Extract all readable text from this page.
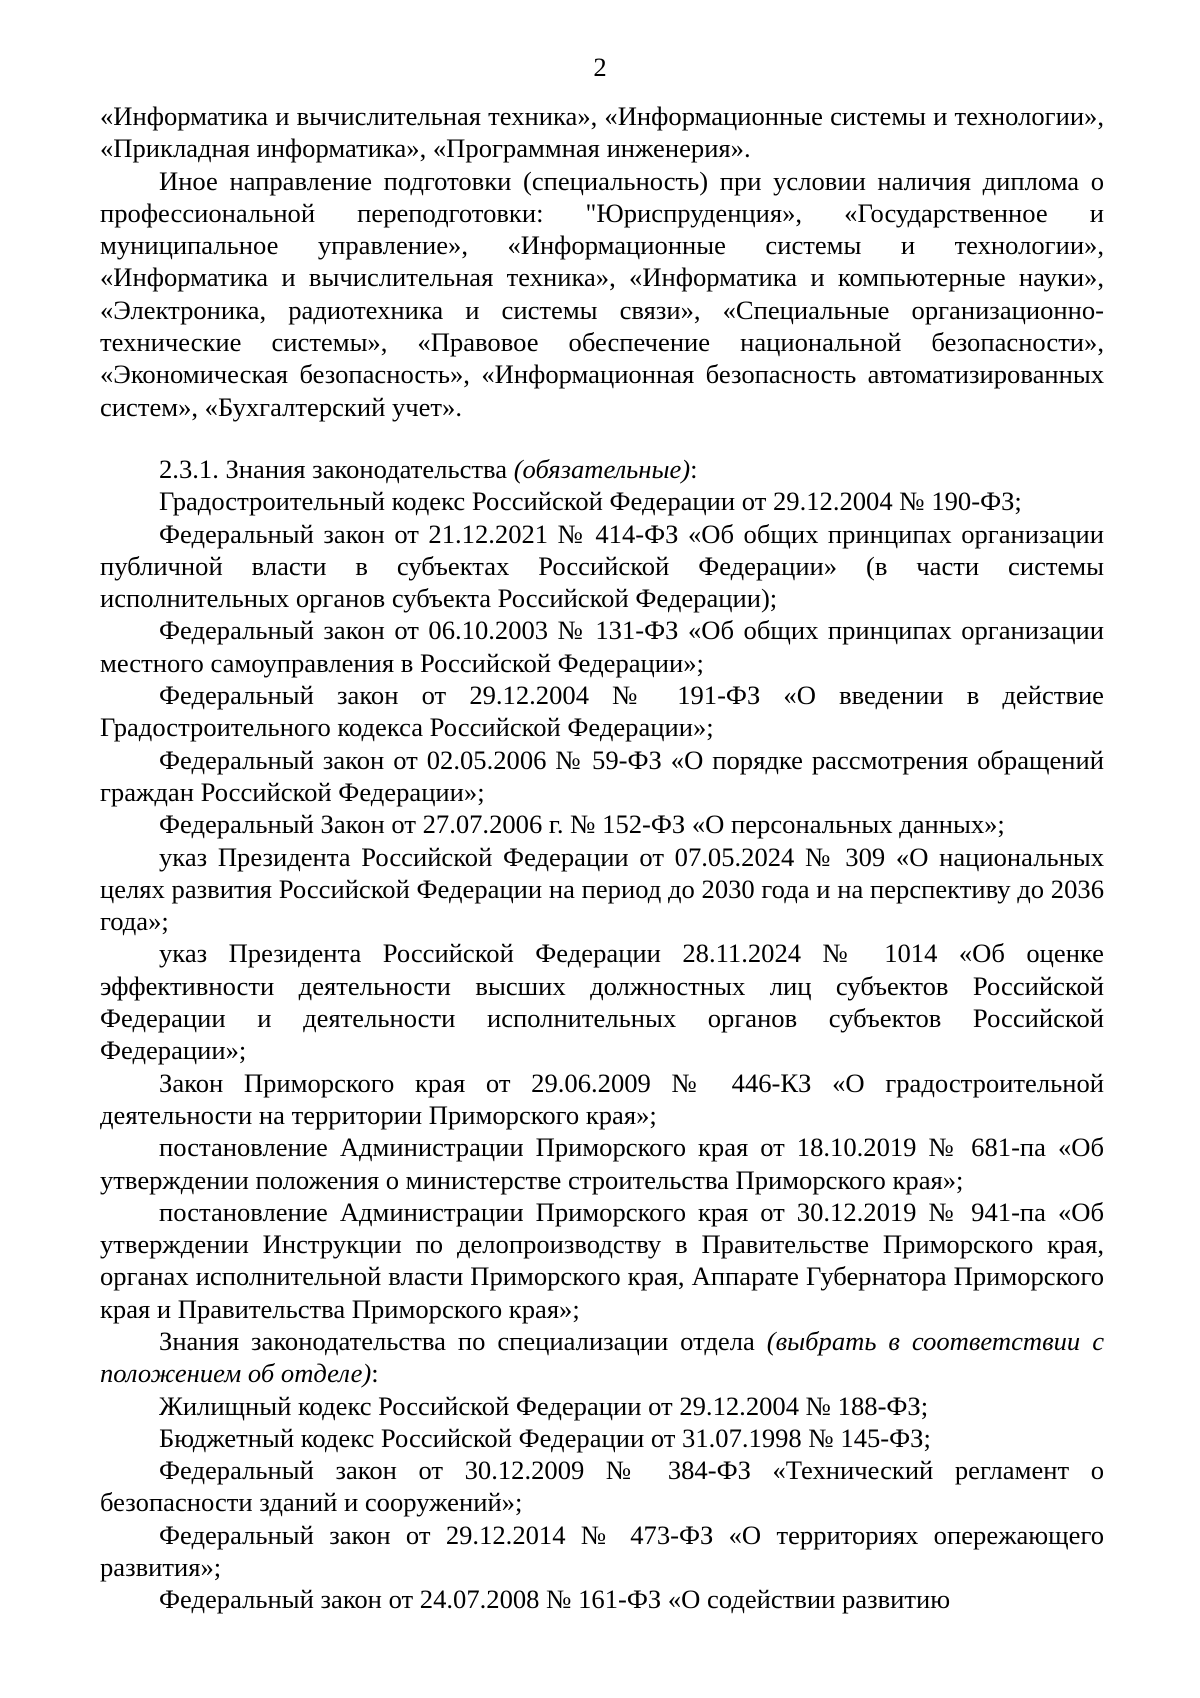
2

«Информатика и вычислительная техника», «Информационные системы и технологии», «Прикладная информатика», «Программная инженерия».

Иное направление подготовки (специальность) при условии наличия диплома о профессиональной переподготовки: "Юриспруденция», «Государственное и муниципальное управление», «Информационные системы и технологии», «Информатика и вычислительная техника», «Информатика и компьютерные науки», «Электроника, радиотехника и системы связи», «Специальные организационно-технические системы», «Правовое обеспечение национальной безопасности», «Экономическая безопасность», «Информационная безопасность автоматизированных систем», «Бухгалтерский учет».

2.3.1. Знания законодательства (обязательные):

Градостроительный кодекс Российской Федерации от 29.12.2004 № 190-ФЗ;

Федеральный закон от 21.12.2021 № 414-ФЗ «Об общих принципах организации публичной власти в субъектах Российской Федерации» (в части системы исполнительных органов субъекта Российской Федерации);

Федеральный закон от 06.10.2003 № 131-ФЗ «Об общих принципах организации местного самоуправления в Российской Федерации»;

Федеральный закон от 29.12.2004 № 191-ФЗ «О введении в действие Градостроительного кодекса Российской Федерации»;

Федеральный закон от 02.05.2006 № 59-ФЗ «О порядке рассмотрения обращений граждан Российской Федерации»;

Федеральный Закон от 27.07.2006 г. № 152-ФЗ «О персональных данных»;

указ Президента Российской Федерации от 07.05.2024 № 309 «О национальных целях развития Российской Федерации на период до 2030 года и на перспективу до 2036 года»;

указ Президента Российской Федерации 28.11.2024 № 1014 «Об оценке эффективности деятельности высших должностных лиц субъектов Российской Федерации и деятельности исполнительных органов субъектов Российской Федерации»;

Закон Приморского края от 29.06.2009 № 446-КЗ «О градостроительной деятельности на территории Приморского края»;

постановление Администрации Приморского края от 18.10.2019 № 681-па «Об утверждении положения о министерстве строительства Приморского края»;

постановление Администрации Приморского края от 30.12.2019 № 941-па «Об утверждении Инструкции по делопроизводству в Правительстве Приморского края, органах исполнительной власти Приморского края, Аппарате Губернатора Приморского края и Правительства Приморского края»;

Знания законодательства по специализации отдела (выбрать в соответствии с положением об отделе):

Жилищный кодекс Российской Федерации от 29.12.2004 № 188-ФЗ;

Бюджетный кодекс Российской Федерации от 31.07.1998 № 145-ФЗ;

Федеральный закон от 30.12.2009 № 384-ФЗ «Технический регламент о безопасности зданий и сооружений»;

Федеральный закон от 29.12.2014 № 473-ФЗ «О территориях опережающего развития»;

Федеральный закон от 24.07.2008 № 161-ФЗ «О содействии развитию
